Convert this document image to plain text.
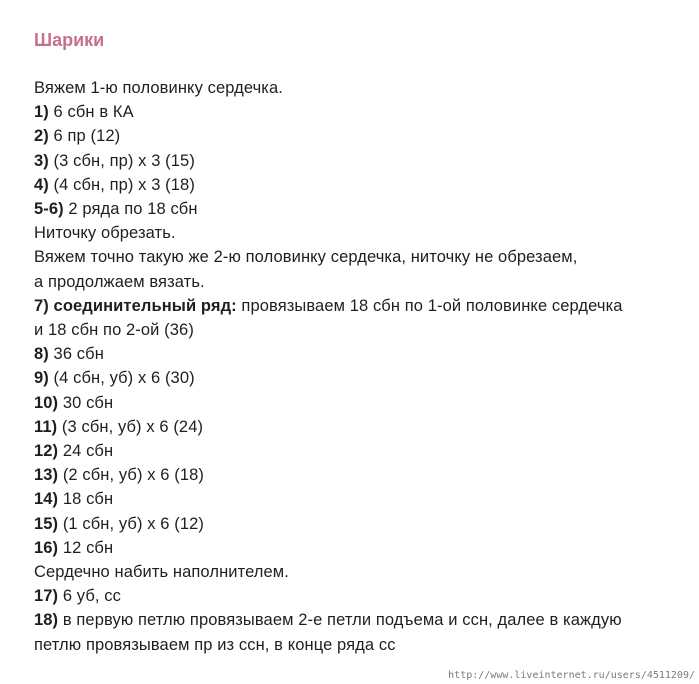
Шарики
Вяжем 1-ю половинку сердечка.
1) 6 сбн в КА
2) 6 пр (12)
3) (3 сбн, пр) х 3 (15)
4) (4 сбн, пр) х 3 (18)
5-6) 2 ряда по 18 сбн
Ниточку обрезать.
Вяжем точно такую же 2-ю половинку сердечка, ниточку не обрезаем,
а продолжаем вязать.
7) соединительный ряд: провязываем 18 сбн по 1-ой половинке сердечка
и 18 сбн по 2-ой (36)
8) 36 сбн
9) (4 сбн, уб) х 6 (30)
10) 30 сбн
11) (3 сбн, уб) х 6 (24)
12) 24 сбн
13) (2 сбн, уб) х 6 (18)
14) 18 сбн
15) (1 сбн, уб) х 6 (12)
16) 12 сбн
Сердечно набить наполнителем.
17) 6 уб, сс
18) в первую петлю провязываем 2-е петли подъема и ссн, далее в каждую
петлю провязываем пр из ссн, в конце ряда сс
http://www.liveinternet.ru/users/4511209/
